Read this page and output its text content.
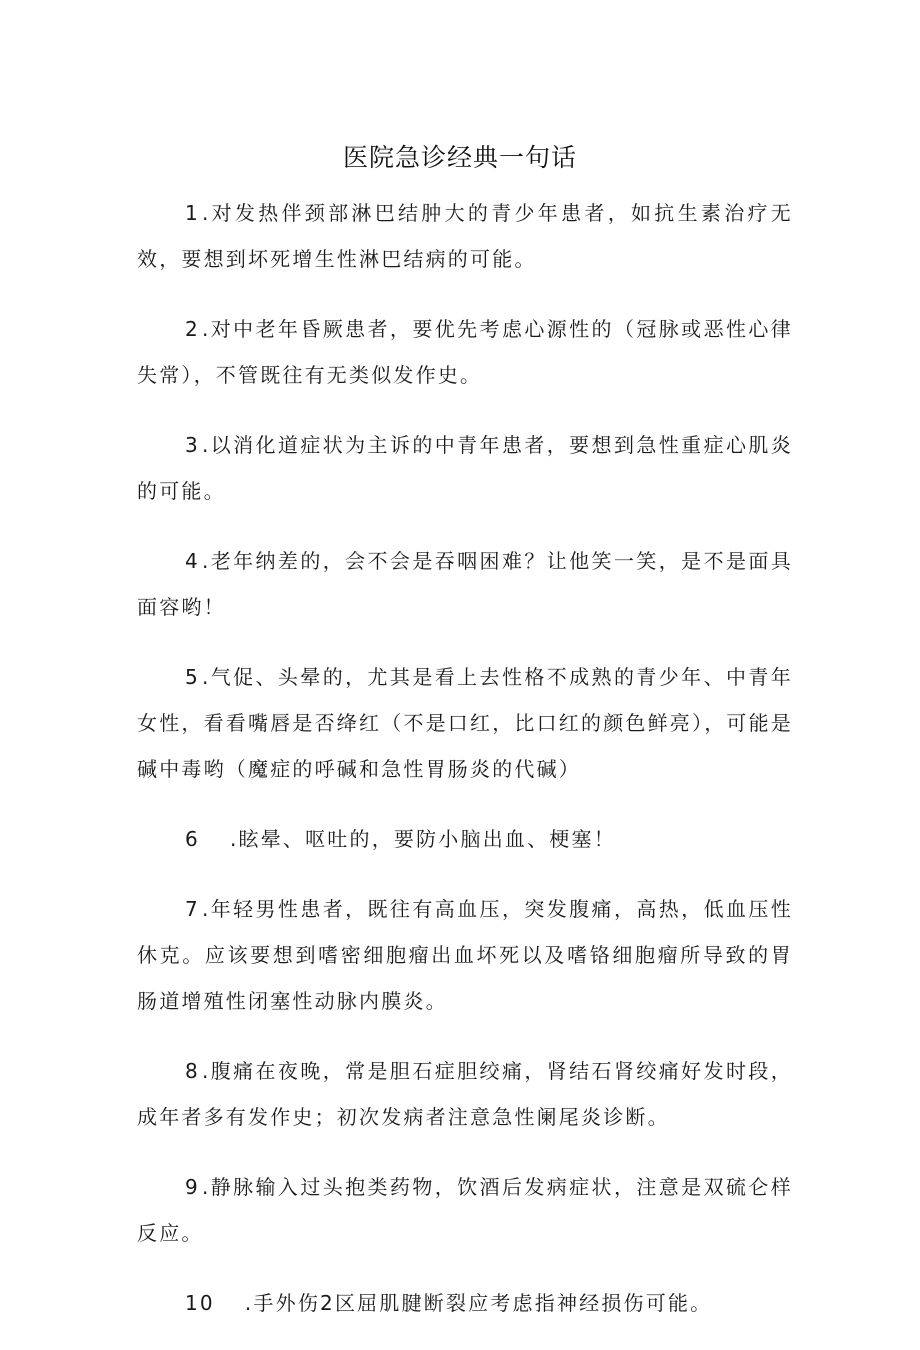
医院急诊经典一句话

1 .对发热伴颈部淋巴结肿大的青少年患者，如抗生素治疗无效，要想到坏死增生性淋巴结病的可能。

2 .对中老年昏厥患者，要优先考虑心源性的（冠脉或恶性心律失常），不管既往有无类似发作史。

3 .以消化道症状为主诉的中青年患者，要想到急性重症心肌炎的可能。

4 .老年纳差的，会不会是吞咽困难？让他笑一笑，是不是面具面容哟！

5 .气促、头晕的，尤其是看上去性格不成熟的青少年、中青年女性，看看嘴唇是否绛红（不是口红，比口红的颜色鲜亮），可能是碱中毒哟（魔症的呼碱和急性胃肠炎的代碱）

6 .眩晕、呕吐的，要防小脑出血、梗塞！

7 .年轻男性患者，既往有高血压，突发腹痛，高热，低血压性休克。应该要想到嗜密细胞瘤出血坏死以及嗜铬细胞瘤所导致的胃肠道增殖性闭塞性动脉内膜炎。

8 .腹痛在夜晚，常是胆石症胆绞痛，肾结石肾绞痛好发时段，成年者多有发作史；初次发病者注意急性阑尾炎诊断。

9 .静脉输入过头抱类药物，饮酒后发病症状，注意是双硫仑样反应。

10 .手外伤2区屈肌腱断裂应考虑指神经损伤可能。
